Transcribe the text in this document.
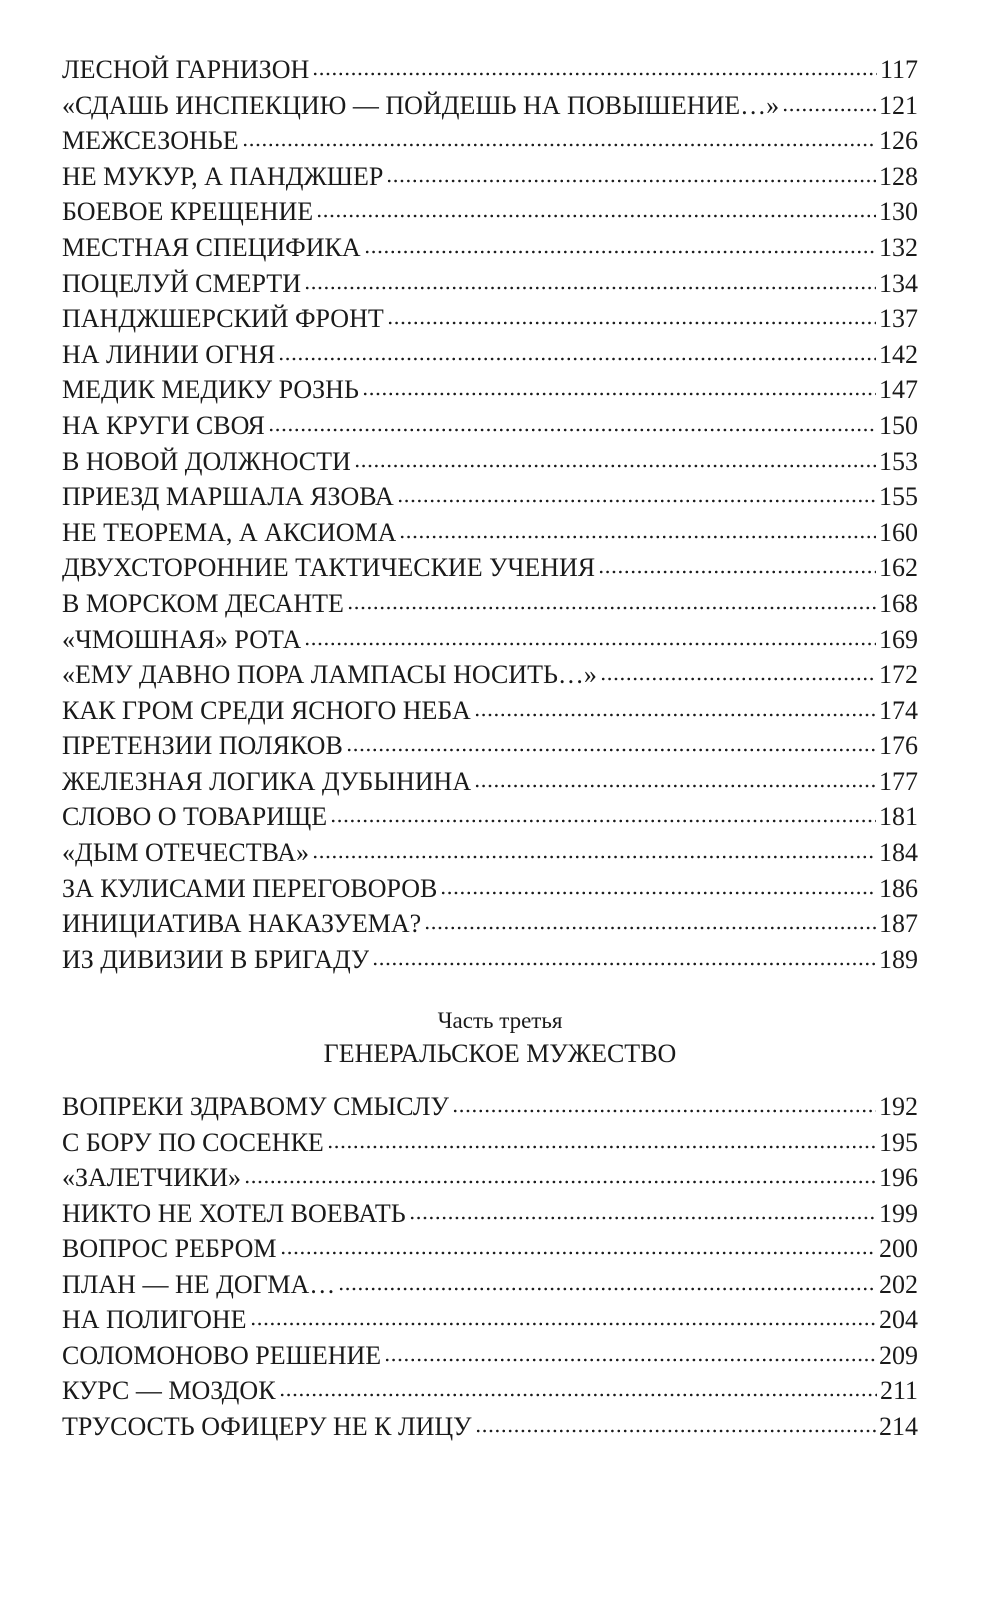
ЛЕСНОЙ ГАРНИЗОН	117
«СДАШЬ ИНСПЕКЦИЮ — ПОЙДЕШЬ НА ПОВЫШЕНИЕ…»	121
МЕЖСЕЗОНЬЕ	126
НЕ МУКУР, А ПАНДЖШЕР	128
БОЕВОЕ КРЕЩЕНИЕ	130
МЕСТНАЯ СПЕЦИФИКА	132
ПОЦЕЛУЙ СМЕРТИ	134
ПАНДЖШЕРСКИЙ ФРОНТ	137
НА ЛИНИИ ОГНЯ	142
МЕДИК МЕДИКУ РОЗНЬ	147
НА КРУГИ СВОЯ	150
В НОВОЙ ДОЛЖНОСТИ	153
ПРИЕЗД МАРШАЛА ЯЗОВА	155
НЕ ТЕОРЕМА, А АКСИОМА	160
ДВУХСТОРОННИЕ ТАКТИЧЕСКИЕ УЧЕНИЯ	162
В МОРСКОМ ДЕСАНТЕ	168
«ЧМОШНАЯ» РОТА	169
«ЕМУ ДАВНО ПОРА ЛАМПАСЫ НОСИТЬ…»	172
КАК ГРОМ СРЕДИ ЯСНОГО НЕБА	174
ПРЕТЕНЗИИ ПОЛЯКОВ	176
ЖЕЛЕЗНАЯ ЛОГИКА ДУБЫНИНА	177
СЛОВО О ТОВАРИЩЕ	181
«ДЫМ ОТЕЧЕСТВА»	184
ЗА КУЛИСАМИ ПЕРЕГОВОРОВ	186
ИНИЦИАТИВА НАКАЗУЕМА?	187
ИЗ ДИВИЗИИ В БРИГАДУ	189
Часть третья
ГЕНЕРАЛЬСКОЕ МУЖЕСТВО
ВОПРЕКИ ЗДРАВОМУ СМЫСЛУ	192
С БОРУ ПО СОСЕНКЕ	195
«ЗАЛЕТЧИКИ»	196
НИКТО НЕ ХОТЕЛ ВОЕВАТЬ	199
ВОПРОС РЕБРОМ	200
ПЛАН — НЕ ДОГМА…	202
НА ПОЛИГОНЕ	204
СОЛОМОНОВО РЕШЕНИЕ	209
КУРС — МОЗДОК	211
ТРУСОСТЬ ОФИЦЕРУ НЕ К ЛИЦУ	214
